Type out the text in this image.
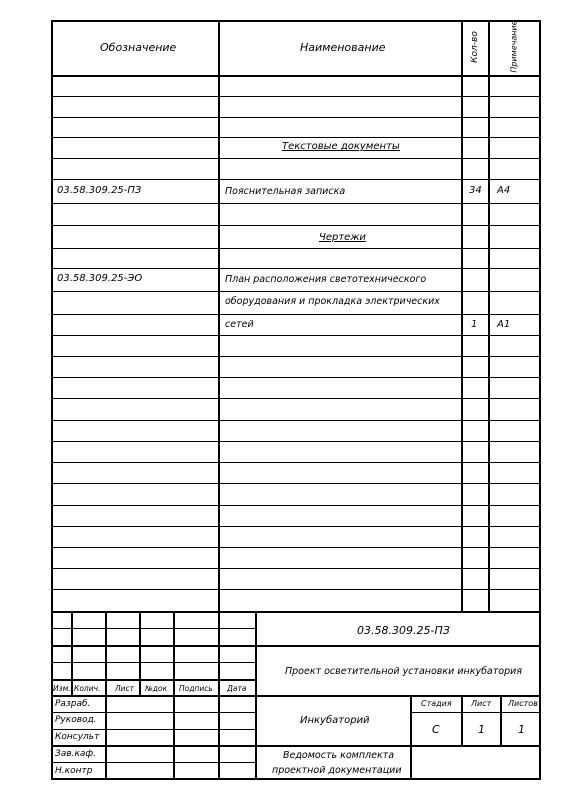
Обозначение	Наименование	Кол-во	Примечание
Текстовые документы
03.58.309.25-ПЗ	Пояснительная записка	34 А4
Чертежи
03.58.309.25-ЭО	План расположения светотехнического
оборудования и прокладка электрических
сетей	1 А1
03.58.309.25-ПЗ
Проект осветительной установки инкубатория
Изм. Колич. Лист №док Подпись Дата
Разраб.
Руковод.
Консульт
Зав.каф.
Н.контр
Инкубаторий
Стадия Лист Листов
С	1	1
Ведомость комплекта
проектной документации
